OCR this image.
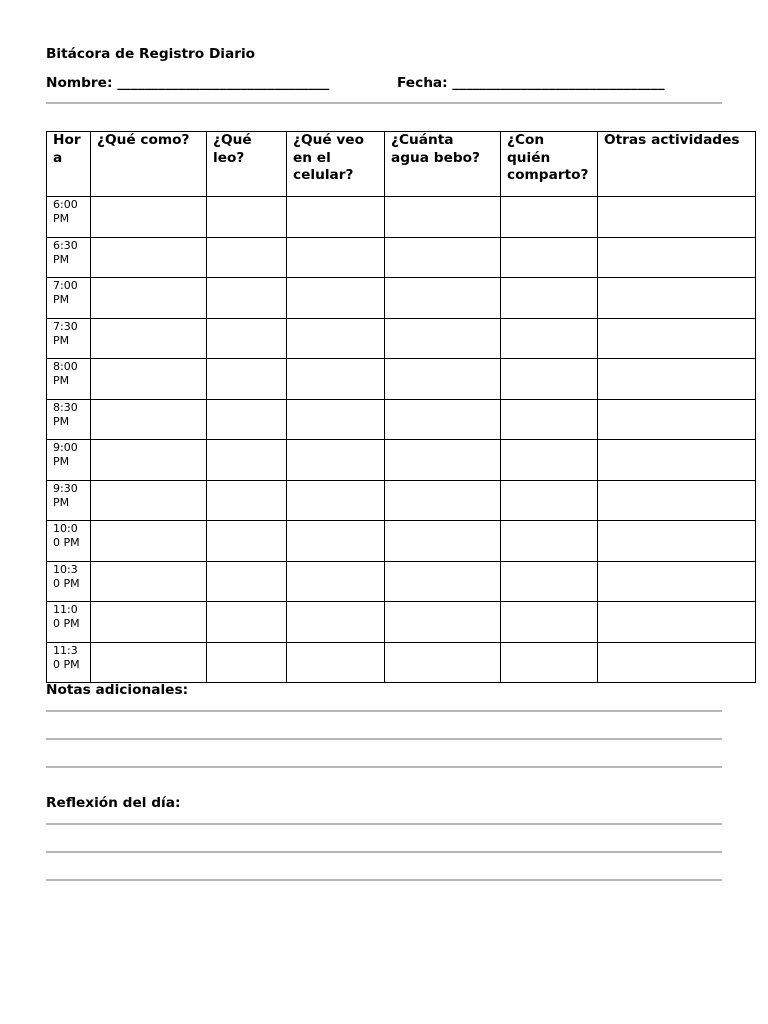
Bitácora de Registro Diario
Nombre: _______________________________	Fecha: _______________________________
Hora	¿Qué como?	¿Qué leo?	¿Qué veo en el celular?	¿Cuánta agua bebo?	¿Con quién comparto?	Otras actividades
6:00 PM						
6:30 PM						
7:00 PM						
7:30 PM						
8:00 PM						
8:30 PM						
9:00 PM						
9:30 PM						
10:00 PM						
10:30 PM						
11:00 PM						
11:30 PM						
Notas adicionales:
Reflexión del día:
